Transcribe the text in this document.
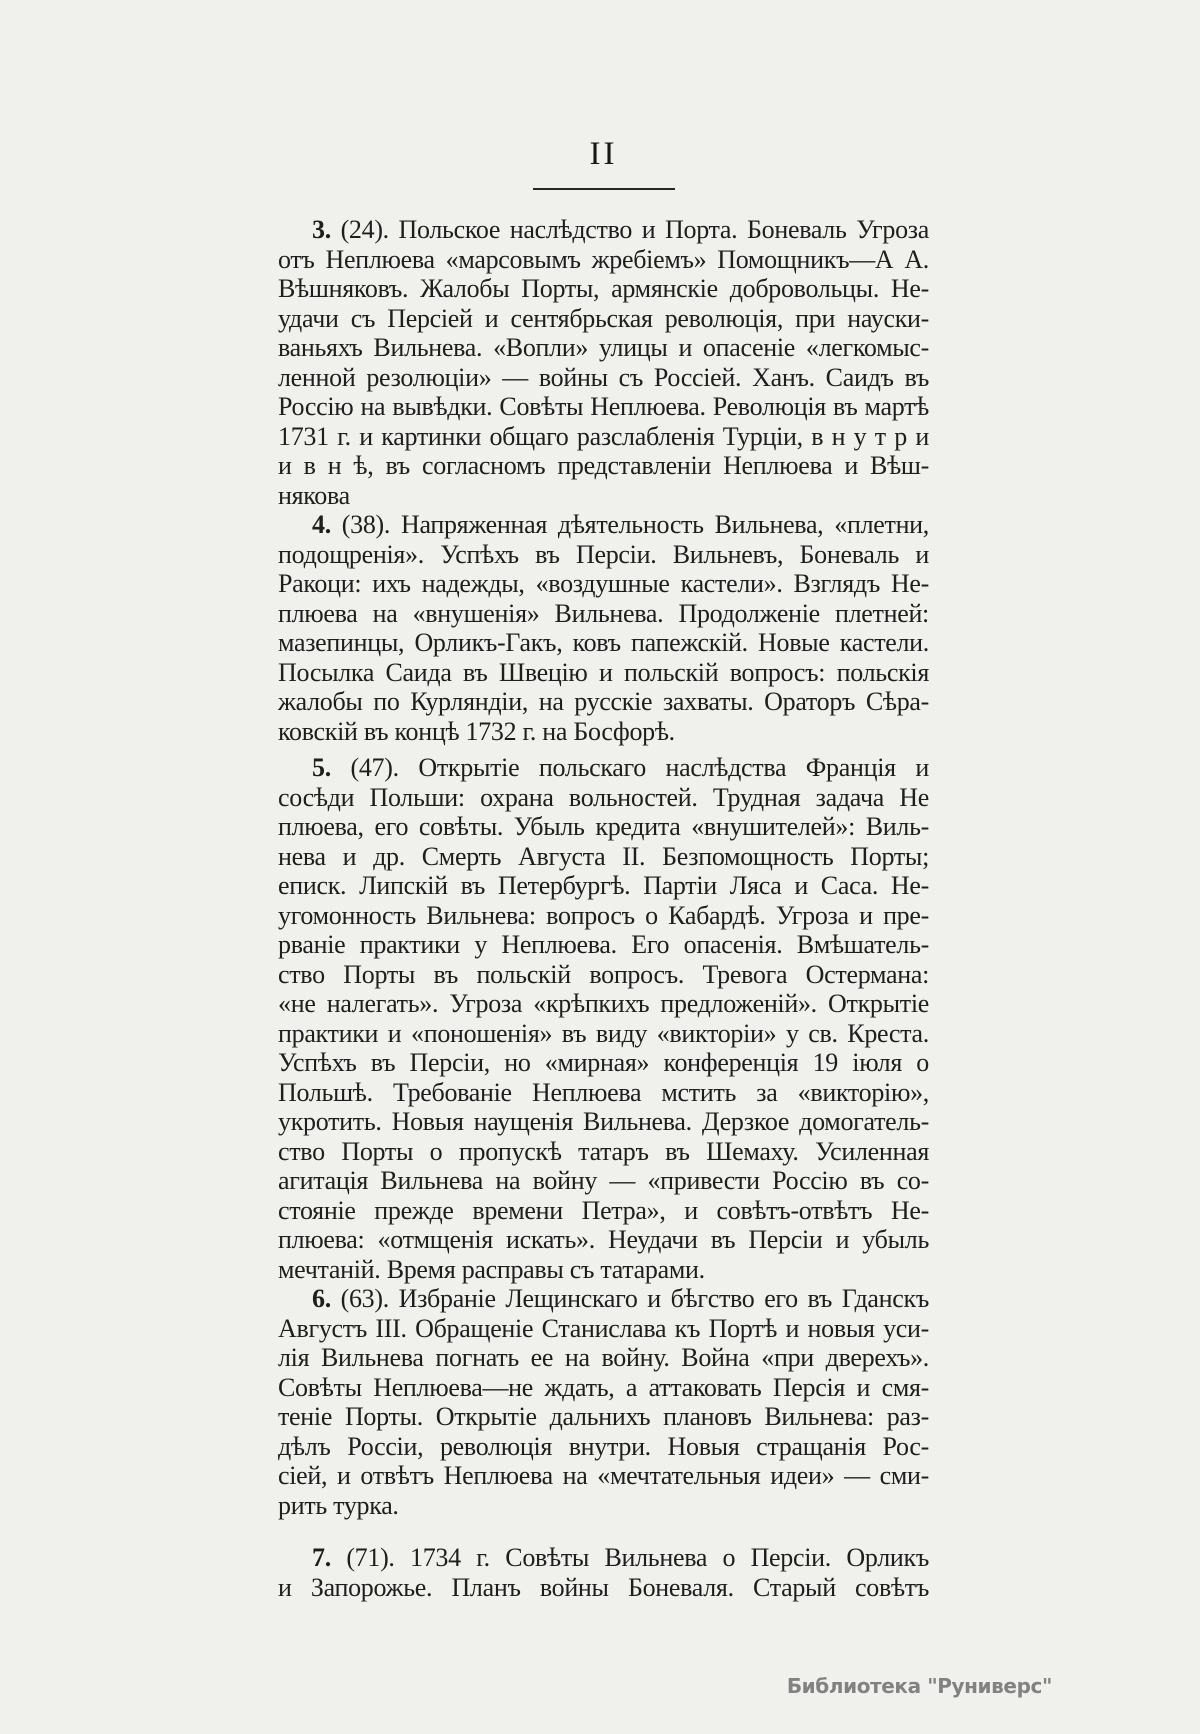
II
3. (24). Польское наслѣдство и Порта. Боневаль Угроза
отъ Неплюева «марсовымъ жребіемъ» Помощникъ—А А.
Вѣшняковъ. Жалобы Порты, армянскіе добровольцы. Не-
удачи съ Персіей и сентябрьская революція, при науски-
ваньяхъ Вильнева. «Вопли» улицы и опасеніе «легкомыс-
ленной резолюціи» — войны съ Россіей. Ханъ. Саидъ въ
Россію на вывѣдки. Совѣты Неплюева. Революція въ мартѣ
1731 г. и картинки общаго разслабленія Турціи, в н у т р и
и в н ѣ, въ согласномъ представленіи Неплюева и Вѣш-
някова
4. (38). Напряженная дѣятельность Вильнева, «плетни,
подощренія». Успѣхъ въ Персіи. Вильневъ, Боневаль и
Ракоци: ихъ надежды, «воздушные кастели». Взглядъ Не-
плюева на «внушенія» Вильнева. Продолженіе плетней:
мазепинцы, Орликъ-Гакъ, ковъ папежскій. Новые кастели.
Посылка Саида въ Швецію и польскій вопросъ: польскія
жалобы по Курляндіи, на русскіе захваты. Ораторъ Сѣра-
ковскій въ концѣ 1732 г. на Босфорѣ.
5. (47). Открытіе польскаго наслѣдства Франція и
сосѣди Польши: охрана вольностей. Трудная задача Не
плюева, его совѣты. Убыль кредита «внушителей»: Виль-
нева и др. Смерть Августа II. Безпомощность Порты;
еписк. Липскій въ Петербургѣ. Партіи Ляса и Саса. Не-
угомонность Вильнева: вопросъ о Кабардѣ. Угроза и пре-
рваніе практики у Неплюева. Его опасенія. Вмѣшатель-
ство Порты въ польскій вопросъ. Тревога Остермана:
«не налегать». Угроза «крѣпкихъ предложеній». Открытіе
практики и «поношенія» въ виду «викторіи» у св. Креста.
Успѣхъ въ Персіи, но «мирная» конференція 19 іюля о
Польшѣ. Требованіе Неплюева мстить за «викторію»,
укротить. Новыя наущенія Вильнева. Дерзкое домогатель-
ство Порты о пропускѣ татаръ въ Шемаху. Усиленная
агитація Вильнева на войну — «привести Россію въ со-
стояніе прежде времени Петра», и совѣтъ-отвѣтъ Не-
плюева: «отмщенія искать». Неудачи въ Персіи и убыль
мечтаній. Время расправы съ татарами.
6. (63). Избраніе Лещинскаго и бѣгство его въ Гданскъ
Августъ III. Обращеніе Станислава къ Портѣ и новыя уси-
лія Вильнева погнать ее на войну. Война «при дверехъ».
Совѣты Неплюева—не ждать, а аттаковать Персія и смя-
теніе Порты. Открытіе дальнихъ плановъ Вильнева: раз-
дѣлъ Россіи, революція внутри. Новыя стращанія Рос-
сіей, и отвѣтъ Неплюева на «мечтательныя идеи» — сми-
рить турка.
7. (71). 1734 г. Совѣты Вильнева о Персіи. Орликъ
и Запорожье. Планъ войны Боневаля. Старый совѣтъ
Библиотека "Руниверс"
